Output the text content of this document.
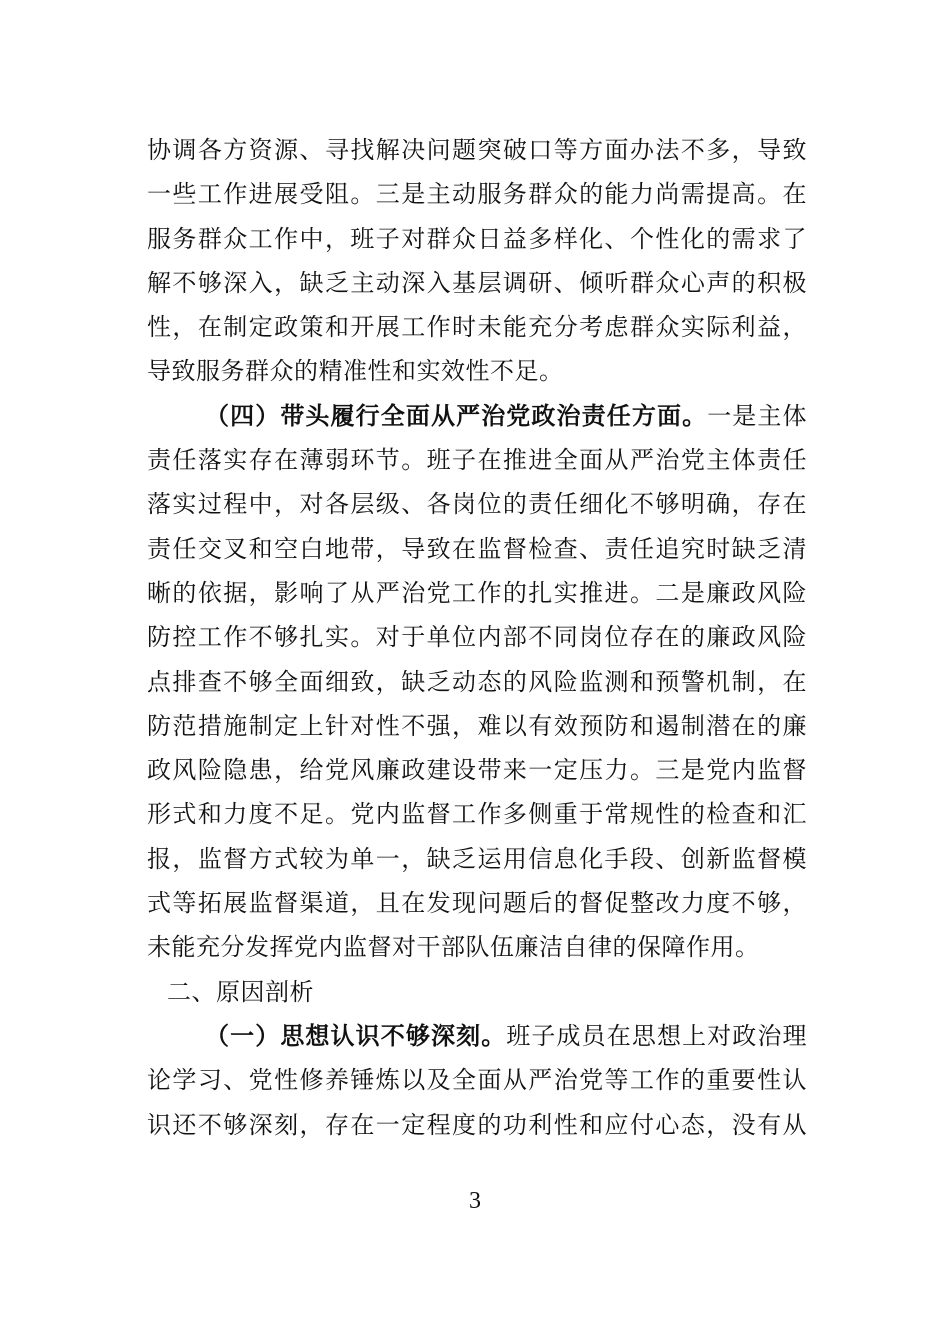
协调各方资源、寻找解决问题突破口等方面办法不多，导致
一些工作进展受阻。三是主动服务群众的能力尚需提高。在
服务群众工作中，班子对群众日益多样化、个性化的需求了
解不够深入，缺乏主动深入基层调研、倾听群众心声的积极
性，在制定政策和开展工作时未能充分考虑群众实际利益，
导致服务群众的精准性和实效性不足。
（四）带头履行全面从严治党政治责任方面。一是主体
责任落实存在薄弱环节。班子在推进全面从严治党主体责任
落实过程中，对各层级、各岗位的责任细化不够明确，存在
责任交叉和空白地带，导致在监督检查、责任追究时缺乏清
晰的依据，影响了从严治党工作的扎实推进。二是廉政风险
防控工作不够扎实。对于单位内部不同岗位存在的廉政风险
点排查不够全面细致，缺乏动态的风险监测和预警机制，在
防范措施制定上针对性不强，难以有效预防和遏制潜在的廉
政风险隐患，给党风廉政建设带来一定压力。三是党内监督
形式和力度不足。党内监督工作多侧重于常规性的检查和汇
报，监督方式较为单一，缺乏运用信息化手段、创新监督模
式等拓展监督渠道，且在发现问题后的督促整改力度不够，
未能充分发挥党内监督对干部队伍廉洁自律的保障作用。
二、原因剖析
（一）思想认识不够深刻。班子成员在思想上对政治理
论学习、党性修养锤炼以及全面从严治党等工作的重要性认
识还不够深刻，存在一定程度的功利性和应付心态，没有从
3
